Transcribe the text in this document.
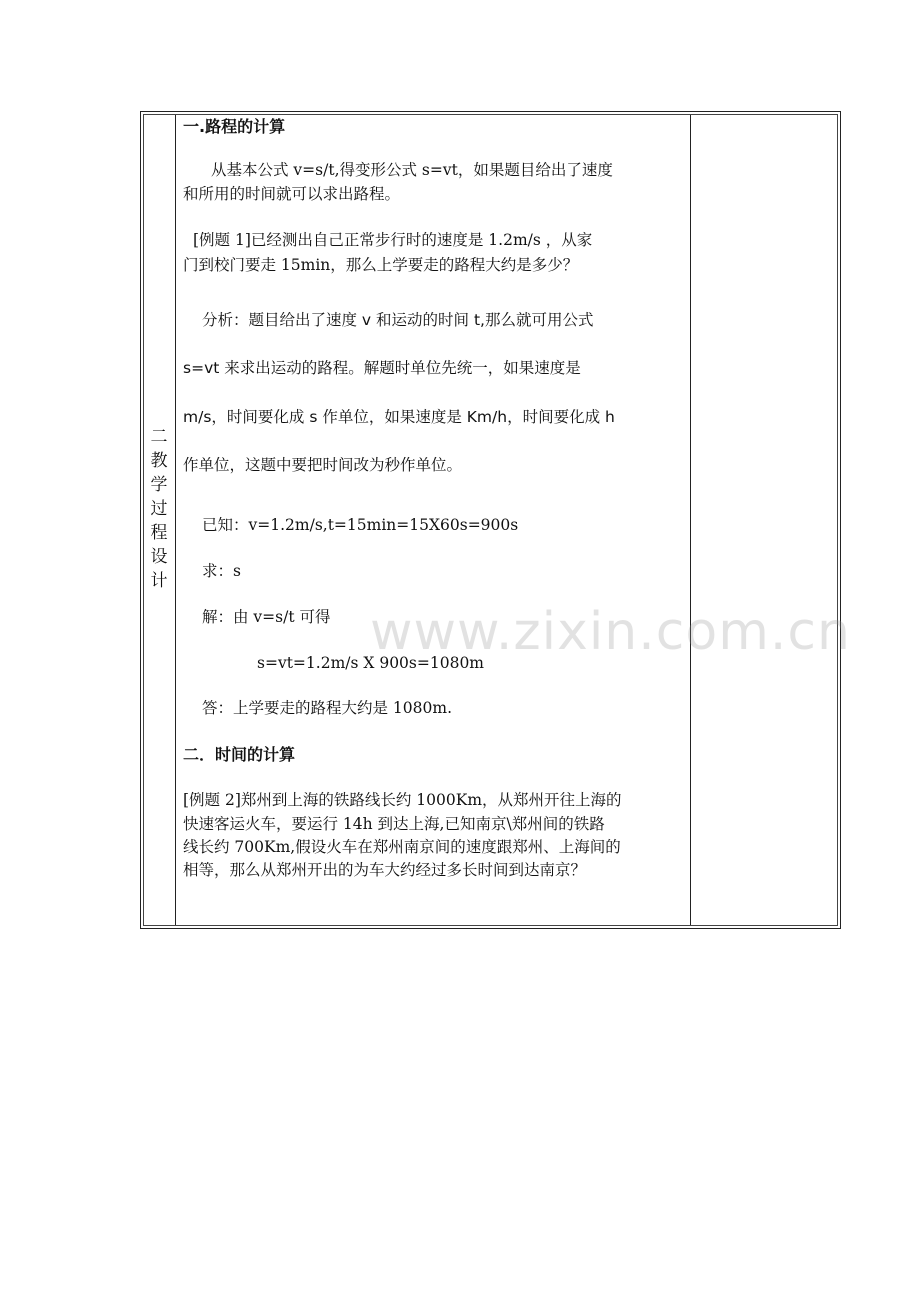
二
教
学
过
程
设
计
www.zixin.com.cn
一.路程的计算
从基本公式 v=s/t,得变形公式 s=vt，如果题目给出了速度
和所用的时间就可以求出路程。
[例题 1]已经测出自己正常步行时的速度是 1.2m/s ，从家
门到校门要走 15min，那么上学要走的路程大约是多少？
分析：题目给出了速度 v 和运动的时间 t,那么就可用公式
s=vt 来求出运动的路程。解题时单位先统一，如果速度是
m/s，时间要化成 s 作单位，如果速度是 Km/h，时间要化成 h
作单位，这题中要把时间改为秒作单位。
已知：v=1.2m/s,t=15min=15X60s=900s
求：s
解：由 v=s/t 可得
s=vt=1.2m/s X 900s=1080m
答：上学要走的路程大约是 1080m.
二．时间的计算
[例题 2]郑州到上海的铁路线长约 1000Km，从郑州开往上海的
快速客运火车，要运行 14h 到达上海,已知南京\郑州间的铁路
线长约 700Km,假设火车在郑州南京间的速度跟郑州、上海间的
相等，那么从郑州开出的为车大约经过多长时间到达南京？
